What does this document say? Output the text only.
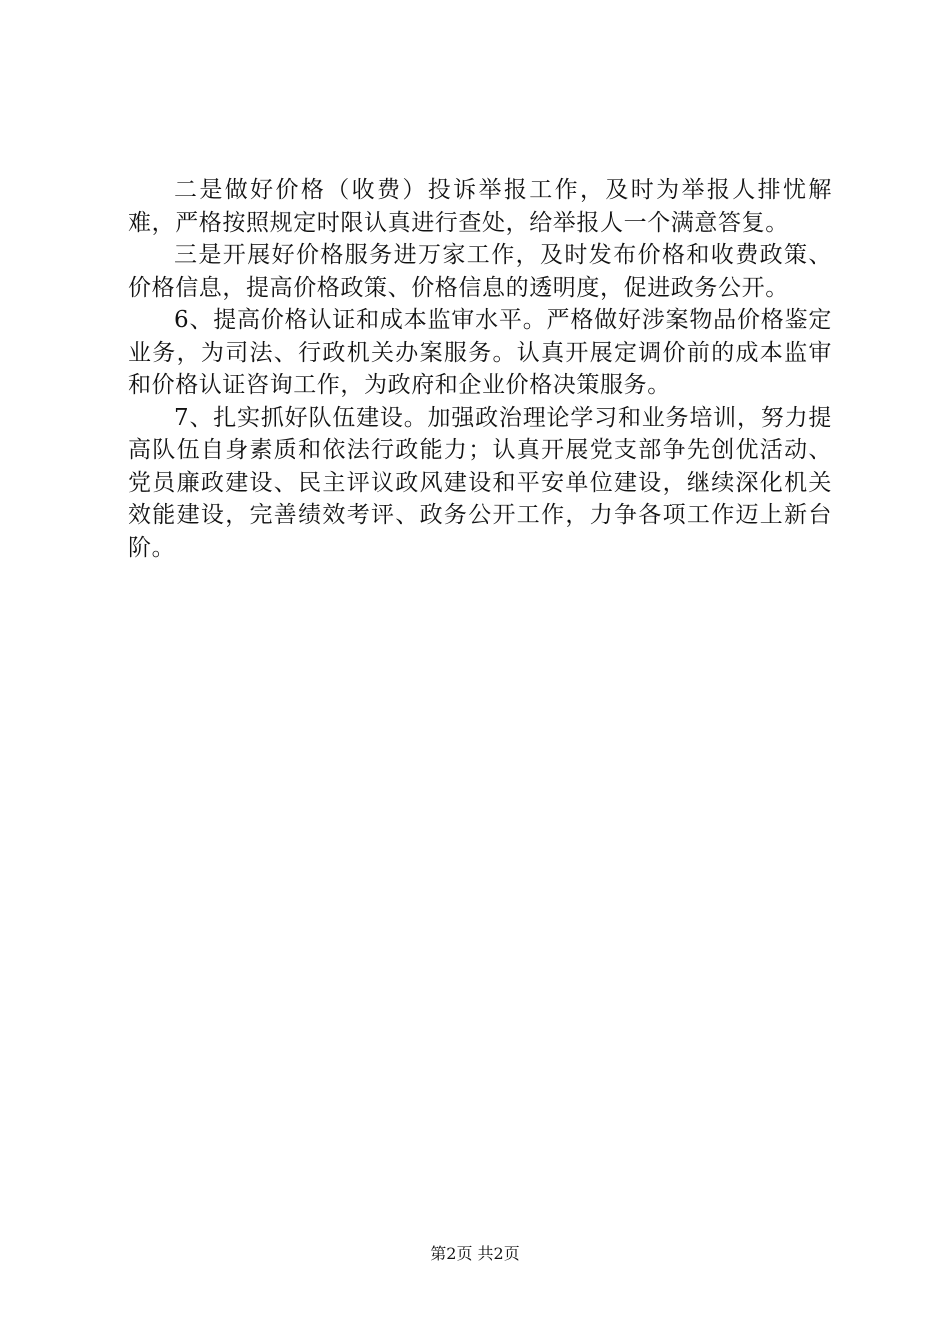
二是做好价格（收费）投诉举报工作，及时为举报人排忧解难，严格按照规定时限认真进行查处，给举报人一个满意答复。

三是开展好价格服务进万家工作，及时发布价格和收费政策、价格信息，提高价格政策、价格信息的透明度，促进政务公开。

6、提高价格认证和成本监审水平。严格做好涉案物品价格鉴定业务，为司法、行政机关办案服务。认真开展定调价前的成本监审和价格认证咨询工作，为政府和企业价格决策服务。

7、扎实抓好队伍建设。加强政治理论学习和业务培训，努力提高队伍自身素质和依法行政能力；认真开展党支部争先创优活动、党员廉政建设、民主评议政风建设和平安单位建设，继续深化机关效能建设，完善绩效考评、政务公开工作，力争各项工作迈上新台阶。

第2页 共2页
